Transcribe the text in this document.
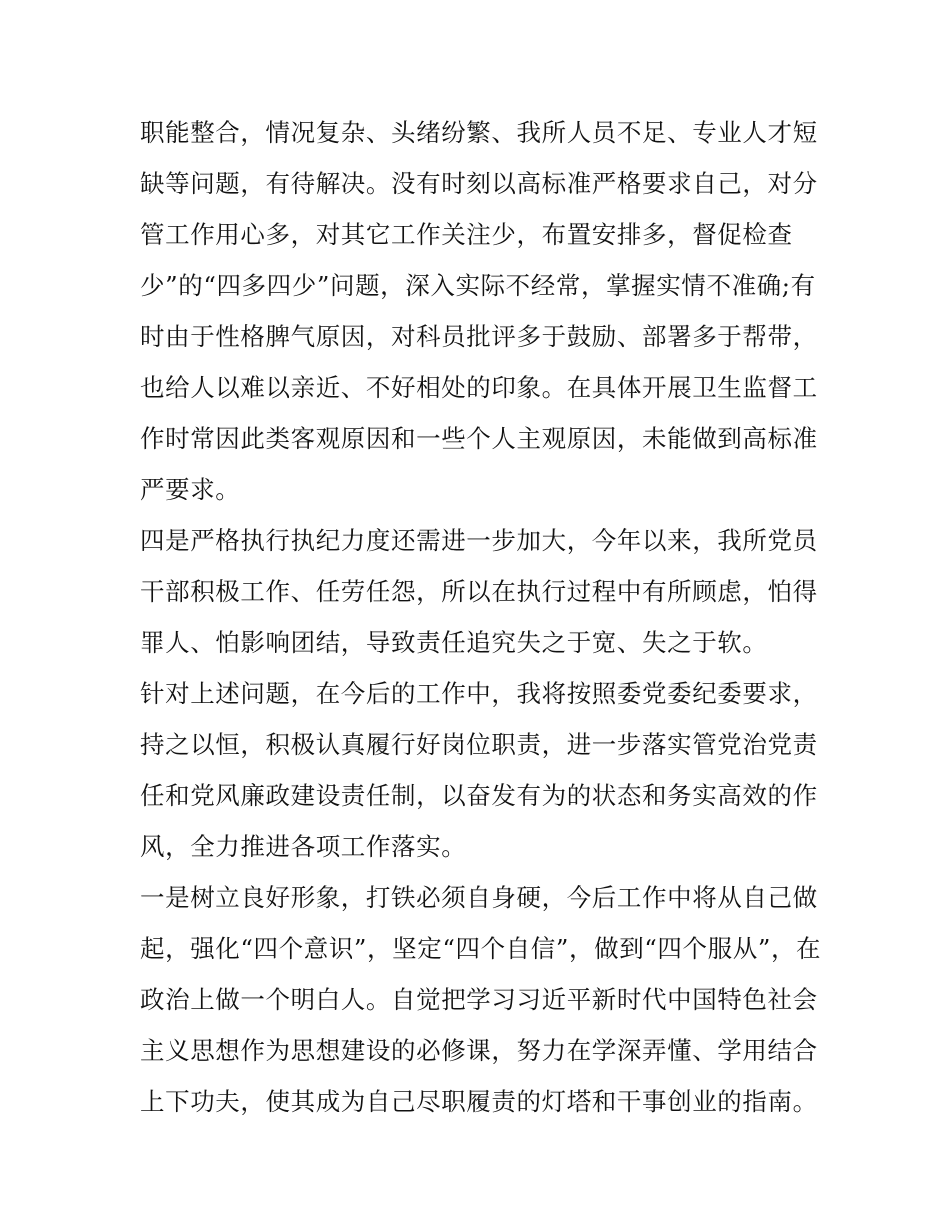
职能整合，情况复杂、头绪纷繁、我所人员不足、专业人才短
缺等问题，有待解决。没有时刻以高标准严格要求自己，对分
管工作用心多，对其它工作关注少，布置安排多，督促检查
少”的“四多四少”问题，深入实际不经常，掌握实情不准确;有
时由于性格脾气原因，对科员批评多于鼓励、部署多于帮带，
也给人以难以亲近、不好相处的印象。在具体开展卫生监督工
作时常因此类客观原因和一些个人主观原因，未能做到高标准
严要求。
四是严格执行执纪力度还需进一步加大，今年以来，我所党员
干部积极工作、任劳任怨，所以在执行过程中有所顾虑，怕得
罪人、怕影响团结，导致责任追究失之于宽、失之于软。
针对上述问题，在今后的工作中，我将按照委党委纪委要求，
持之以恒，积极认真履行好岗位职责，进一步落实管党治党责
任和党风廉政建设责任制，以奋发有为的状态和务实高效的作
风，全力推进各项工作落实。
一是树立良好形象，打铁必须自身硬，今后工作中将从自己做
起，强化“四个意识”，坚定“四个自信”，做到“四个服从”，在
政治上做一个明白人。自觉把学习习近平新时代中国特色社会
主义思想作为思想建设的必修课，努力在学深弄懂、学用结合
上下功夫，使其成为自己尽职履责的灯塔和干事创业的指南。
